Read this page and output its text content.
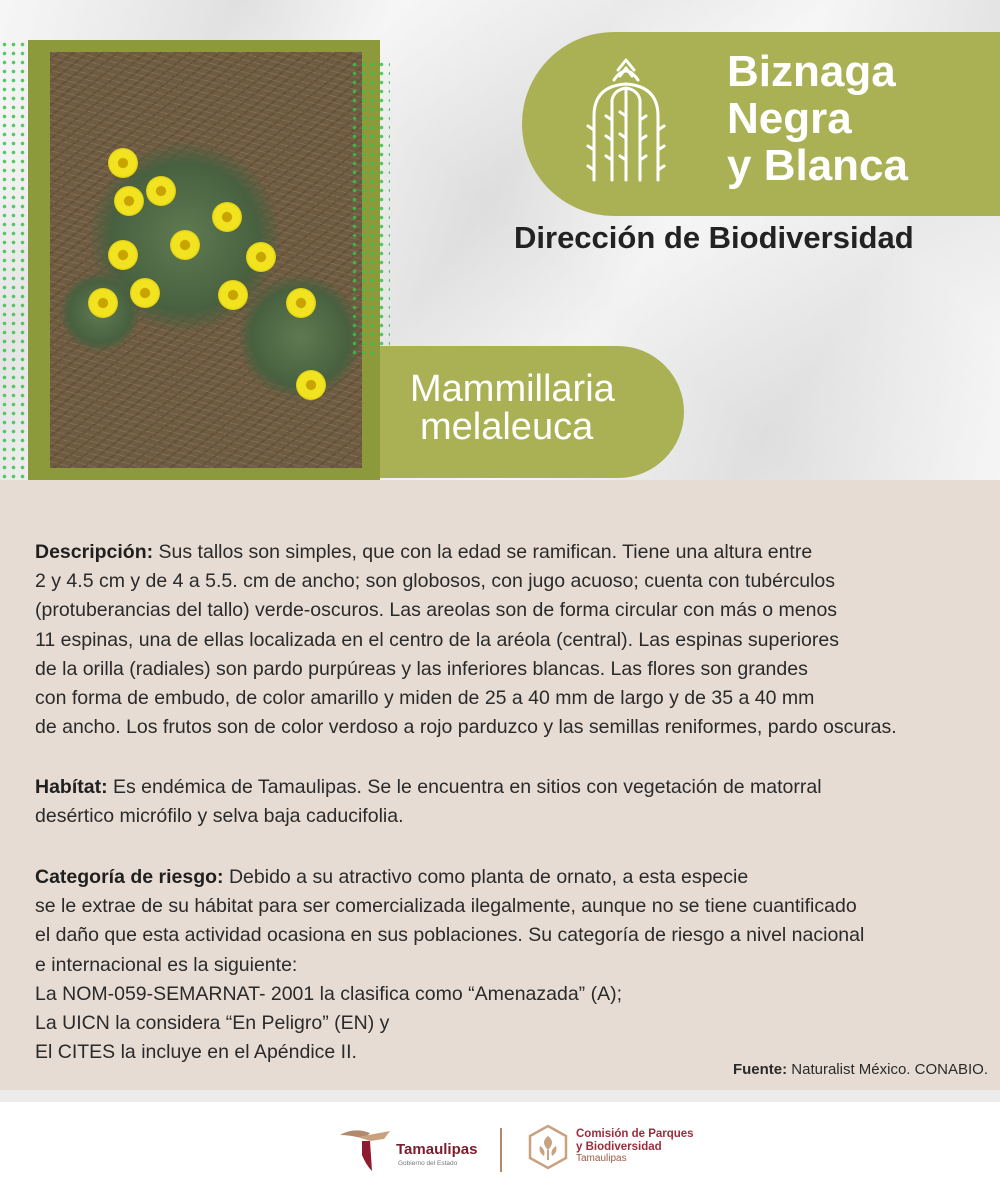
Biznaga
Negra
y Blanca
Dirección de Biodiversidad
Mammillaria
melaleuca
Descripción: Sus tallos son simples, que con la edad se ramifican. Tiene una altura entre
2 y 4.5 cm y de 4 a 5.5. cm de ancho; son globosos, con jugo acuoso; cuenta con tubérculos
(protuberancias del tallo) verde-oscuros. Las areolas son de forma circular con más o menos
11 espinas, una de ellas localizada en el centro de la aréola (central). Las espinas superiores
de la orilla (radiales) son pardo purpúreas y las inferiores blancas. Las flores son grandes
con forma de embudo, de color amarillo y miden de 25 a 40 mm de largo y de 35 a 40 mm
de ancho. Los frutos son de color verdoso a rojo parduzco y las semillas reniformes, pardo oscuras.
Habítat: Es endémica de Tamaulipas. Se le encuentra en sitios con vegetación de matorral
desértico micrófilo y selva baja caducifolia.
Categoría de riesgo: Debido a su atractivo como planta de ornato, a esta especie
se le extrae de su hábitat para ser comercializada ilegalmente, aunque no se tiene cuantificado
el daño que esta actividad ocasiona en sus poblaciones. Su categoría de riesgo a nivel nacional
e internacional es la siguiente:
La NOM-059-SEMARNAT- 2001 la clasifica como “Amenazada” (A);
La UICN la considera “En Peligro” (EN) y
El CITES la incluye en el Apéndice II.
Fuente: Naturalist México. CONABIO.
Tamaulipas
Gobierno del Estado
Comisión de Parques
y Biodiversidad
Tamaulipas
